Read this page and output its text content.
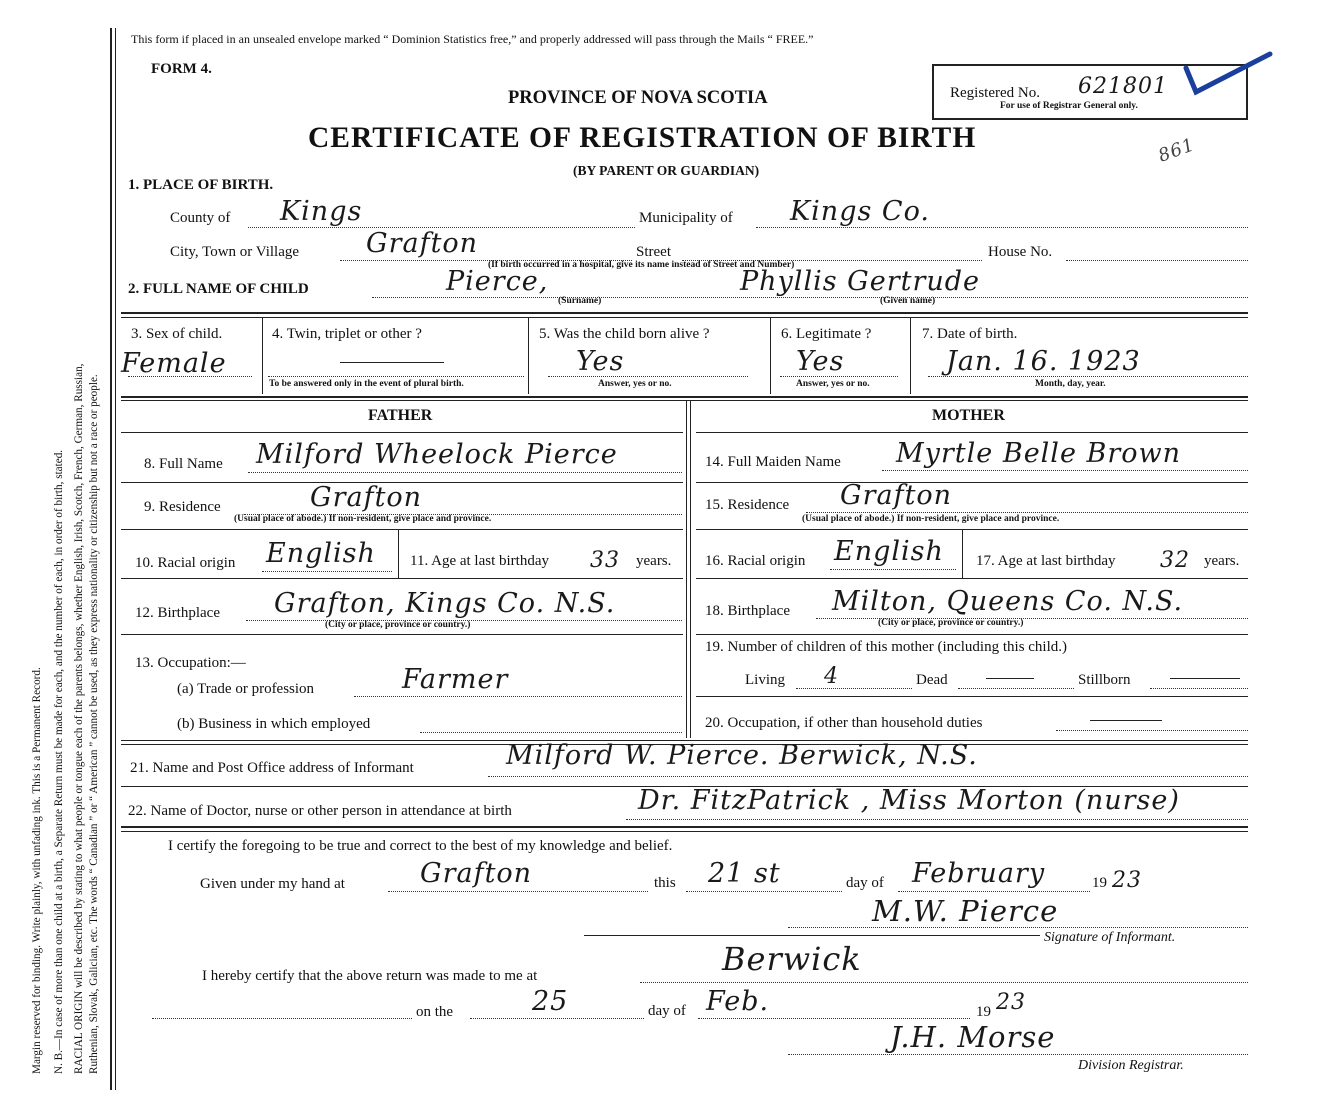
Margin reserved for binding. Write plainly, with unfading ink. This is a Permanent Record. N. B.—In case of more than one child at a birth, a Separate Return must be made for each, and the number of each, in order of birth, stated. RACIAL ORIGIN will be described by stating to what people or tongue each of the parents belongs, whether English, Irish, Scotch, French, German, Russian, Ruthenian, Slovak, Galician, etc. The words “ Canadian ” or “ American ” cannot be used, as they express nationality or citizenship but not a race or people.
This form if placed in an unsealed envelope marked “ Dominion Statistics free,” and properly addressed will pass through the Mails “ FREE.”
FORM 4.
PROVINCE OF NOVA SCOTIA
CERTIFICATE OF REGISTRATION OF BIRTH
(BY PARENT OR GUARDIAN)
Registered No. 621801
For use of Registrar General only.
861
1. PLACE OF BIRTH.
County of Kings	Municipality of Kings Co.
City, Town or Village Grafton	Street	House No.
(If birth occurred in a hospital, give its name instead of Street and Number)
2. FULL NAME OF CHILD	Pierce,	Phyllis Gertrude
(Surname)	(Given name)
3. Sex of child.
Female
4. Twin, triplet or other ?
To be answered only in the event of plural birth.
5. Was the child born alive ?
Yes
Answer, yes or no.
6. Legitimate ?
Yes
Answer, yes or no.
7. Date of birth.
Jan. 16. 1923
Month, day, year.
FATHER	MOTHER
8. Full Name Milford Wheelock Pierce
9. Residence	Grafton
(Usual place of abode.) If non-resident, give place and province.
10. Racial origin English 11. Age at last birthday 33 years.
12. Birthplace Grafton, Kings Co. N.S.
(City or place, province or country.)
13. Occupation:—
(a) Trade or profession	Farmer
(b) Business in which employed
14. Full Maiden Name Myrtle Belle Brown
15. Residence Grafton
(Usual place of abode.) If non-resident, give place and province.
16. Racial origin English 17. Age at last birthday 32 years.
18. Birthplace Milton, Queens Co. N.S.
(City or place, province or country.)
19. Number of children of this mother (including this child.)
Living 4	Dead	Stillborn
20. Occupation, if other than household duties
21. Name and Post Office address of Informant	Milford W. Pierce. Berwick, N.S.
22. Name of Doctor, nurse or other person in attendance at birth	Dr. FitzPatrick , Miss Morton (nurse)
I certify the foregoing to be true and correct to the best of my knowledge and belief.
Given under my hand at	Grafton	this 21 st	day of February	19 23
M.W. Pierce
Signature of Informant.
I hereby certify that the above return was made to me at	Berwick
on the	25	day of Feb.	19 23
J.H. Morse
Division Registrar.
